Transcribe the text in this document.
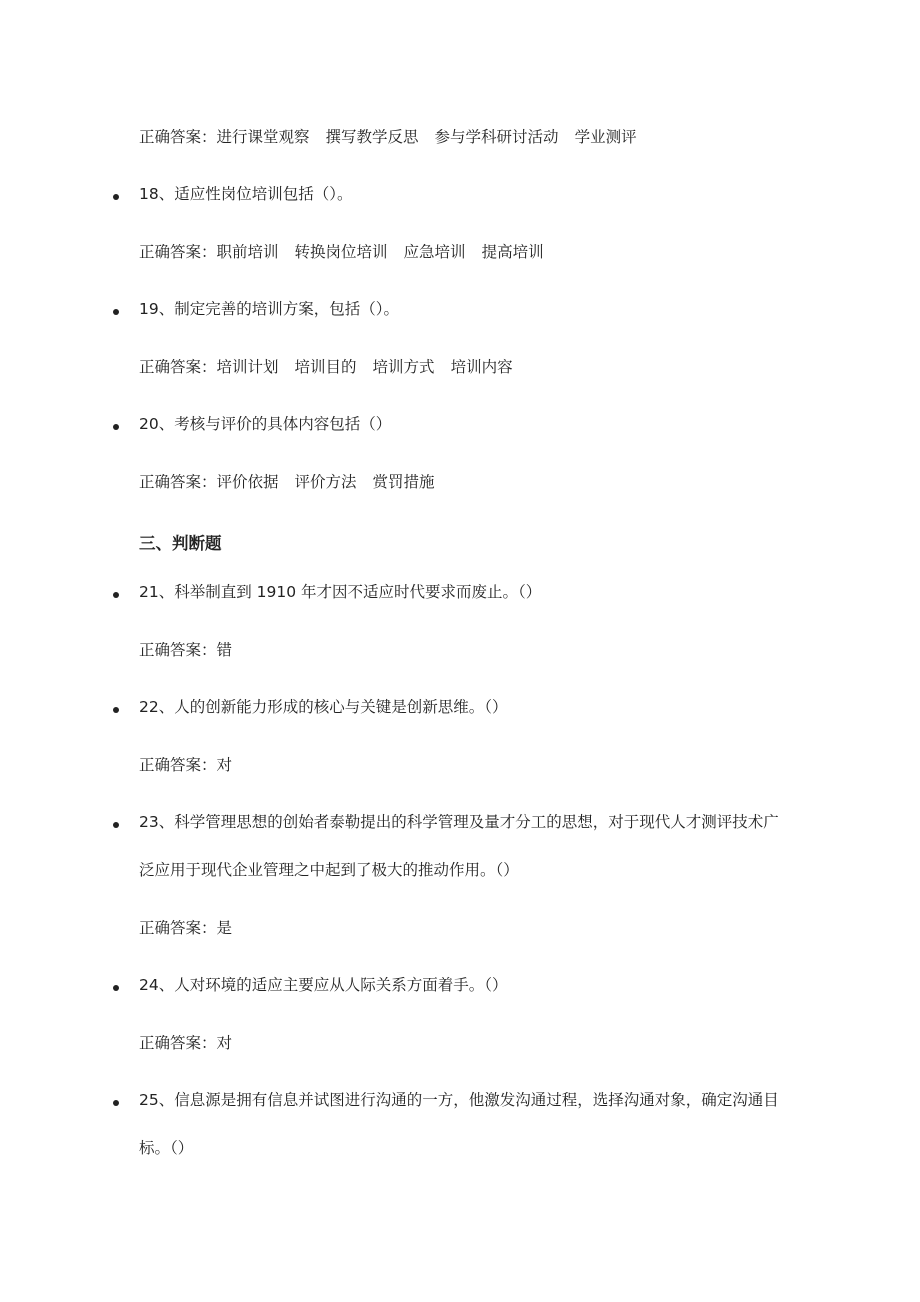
正确答案：进行课堂观察 撰写教学反思 参与学科研讨活动 学业测评
18、适应性岗位培训包括（）。
正确答案：职前培训 转换岗位培训 应急培训 提高培训
19、制定完善的培训方案，包括（）。
正确答案：培训计划 培训目的 培训方式 培训内容
20、考核与评价的具体内容包括（）
正确答案：评价依据 评价方法 赏罚措施
三、判断题
21、科举制直到 1910 年才因不适应时代要求而废止。（）
正确答案：错
22、人的创新能力形成的核心与关键是创新思维。（）
正确答案：对
23、科学管理思想的创始者泰勒提出的科学管理及量才分工的思想，对于现代人才测评技术广
泛应用于现代企业管理之中起到了极大的推动作用。（）
正确答案：是
24、人对环境的适应主要应从人际关系方面着手。（）
正确答案：对
25、信息源是拥有信息并试图进行沟通的一方，他激发沟通过程，选择沟通对象，确定沟通目
标。（）
